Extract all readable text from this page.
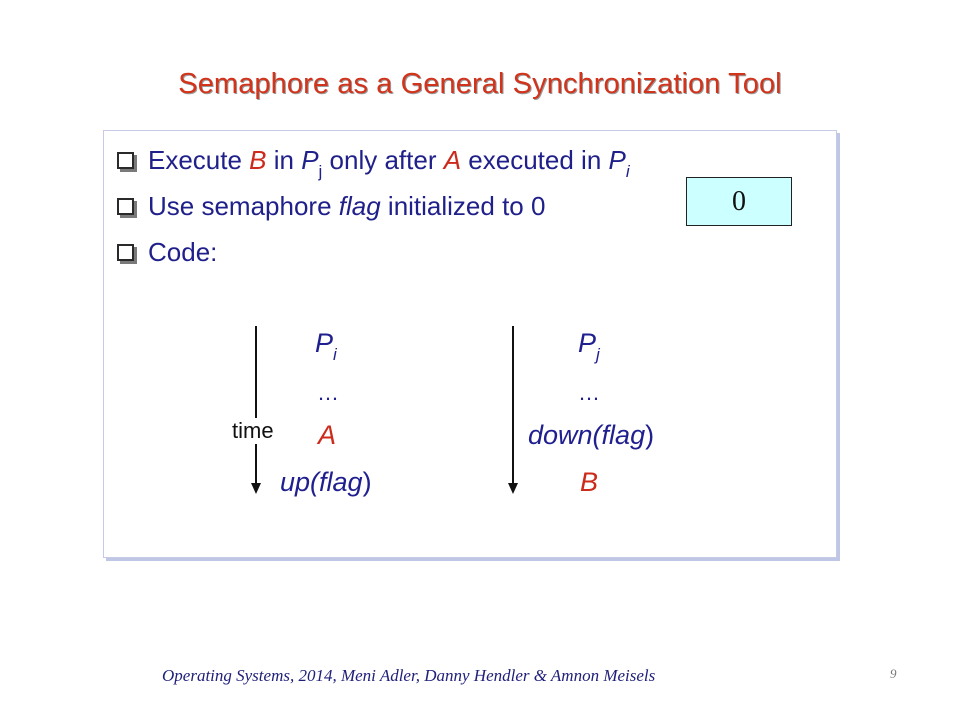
Semaphore as a General Synchronization Tool
Execute B in $P_j$ only after A executed in $P_i$
Use semaphore flag initialized to 0
Code:
0
time
$P_i$
…
A
up(flag)
$P_j$
…
down(flag)
B
Operating Systems, 2014, Meni Adler, Danny Hendler & Amnon Meisels	9
